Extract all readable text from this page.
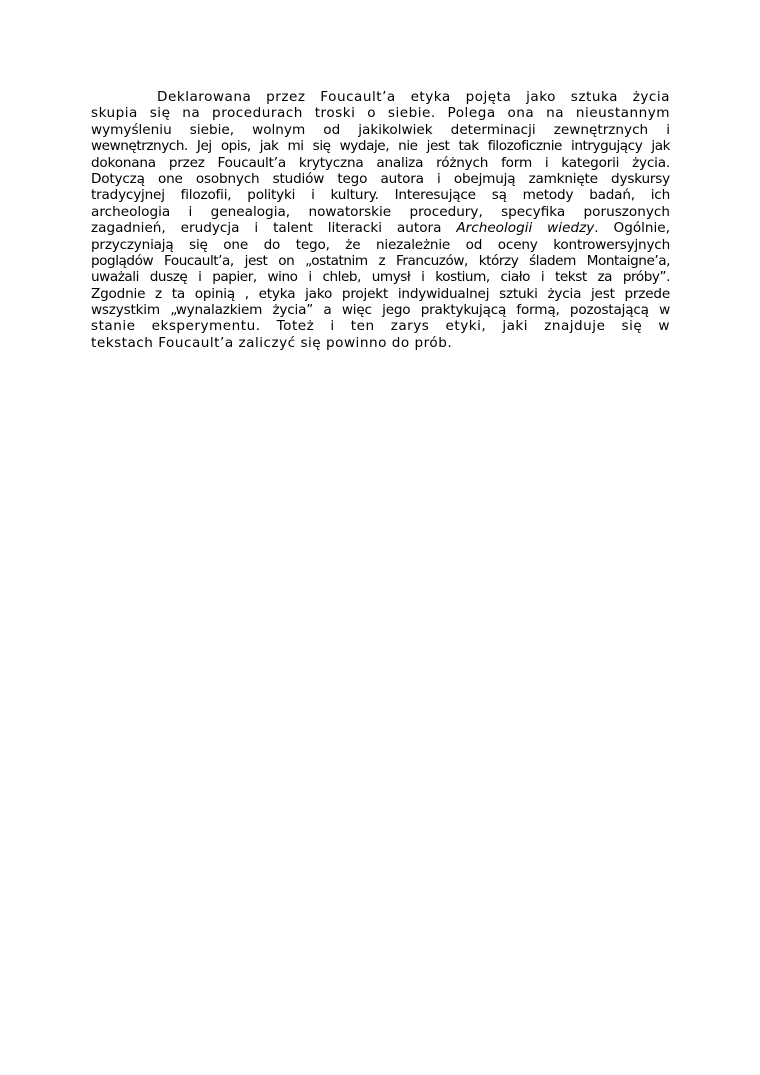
Deklarowana przez Foucault’a etyka pojęta jako sztuka życia
skupia się na procedurach troski o siebie. Polega ona na nieustannym
wymyśleniu siebie, wolnym od jakikolwiek determinacji zewnętrznych i
wewnętrznych. Jej opis, jak mi się wydaje, nie jest tak filozoficznie intrygujący jak
dokonana przez Foucault’a krytyczna analiza różnych form i kategorii życia.
Dotyczą one osobnych studiów tego autora i obejmują zamknięte dyskursy
tradycyjnej filozofii, polityki i kultury. Interesujące są metody badań, ich
archeologia i genealogia, nowatorskie procedury, specyfika poruszonych
zagadnień, erudycja i talent literacki autora Archeologii wiedzy. Ogólnie,
przyczyniają się one do tego, że niezależnie od oceny kontrowersyjnych
poglądów Foucault’a, jest on „ostatnim z Francuzów, którzy śladem Montaigne’a,
uważali duszę i papier, wino i chleb, umysł i kostium, ciało i tekst za próby”.
Zgodnie z ta opinią , etyka jako projekt indywidualnej sztuki życia jest przede
wszystkim „wynalazkiem życia” a więc jego praktykującą formą, pozostającą w
stanie eksperymentu. Toteż i ten zarys etyki, jaki znajduje się w
tekstach Foucault’a zaliczyć się powinno do prób.
